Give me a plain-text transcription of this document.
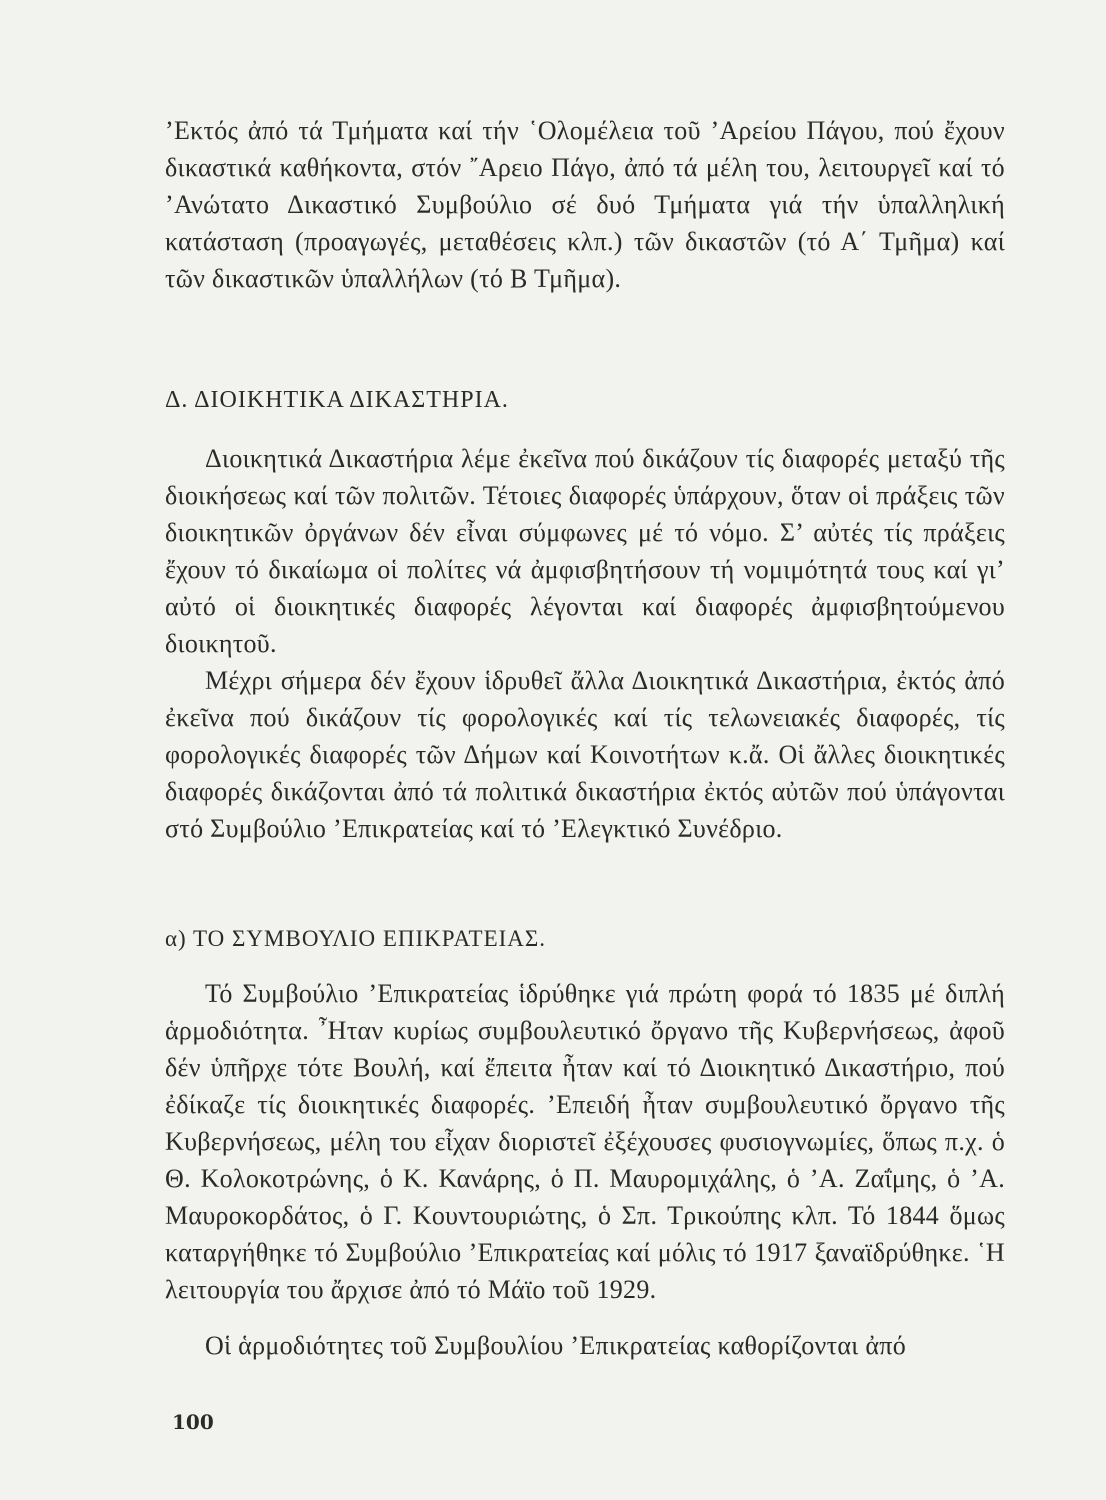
’Εκτός ἀπό τά Τμήματα καί τήν ῾Ολομέλεια τοῦ ’Αρείου Πάγου, πού ἔχουν δικαστικά καθήκοντα, στόν ῎Αρειο Πάγο, ἀπό τά μέλη του, λειτουργεῖ καί τό ’Ανώτατο Δικαστικό Συμβούλιο σέ δυό Τμήματα γιά τήν ὑπαλληλική κατάσταση (προαγωγές, μεταθέσεις κλπ.) τῶν δικαστῶν (τό Α΄ Τμῆμα) καί τῶν δικαστικῶν ὑπαλλήλων (τό Β Τμῆμα).

Δ. ΔΙΟΙΚΗΤΙΚΑ ΔΙΚΑΣΤΗΡΙΑ.

Διοικητικά Δικαστήρια λέμε ἐκεῖνα πού δικάζουν τίς διαφορές μεταξύ τῆς διοικήσεως καί τῶν πολιτῶν. Τέτοιες διαφορές ὑπάρχουν, ὅταν οἱ πράξεις τῶν διοικητικῶν ὀργάνων δέν εἶναι σύμφωνες μέ τό νόμο. Σ’ αὐτές τίς πράξεις ἔχουν τό δικαίωμα οἱ πολίτες νά ἀμφισβητήσουν τή νομιμότητά τους καί γι’ αὐτό οἱ διοικητικές διαφορές λέγονται καί διαφορές ἀμφισβητούμενου διοικητοῦ.

Μέχρι σήμερα δέν ἔχουν ἱδρυθεῖ ἄλλα Διοικητικά Δικαστήρια, ἐκτός ἀπό ἐκεῖνα πού δικάζουν τίς φορολογικές καί τίς τελωνειακές διαφορές, τίς φορολογικές διαφορές τῶν Δήμων καί Κοινοτήτων κ.ἄ. Οἱ ἄλλες διοικητικές διαφορές δικάζονται ἀπό τά πολιτικά δικαστήρια ἐκτός αὐτῶν πού ὑπάγονται στό Συμβούλιο ’Επικρατείας καί τό ’Ελεγκτικό Συνέδριο.

α) ΤΟ ΣΥΜΒΟΥΛΙΟ ΕΠΙΚΡΑΤΕΙΑΣ.

Τό Συμβούλιο ’Επικρατείας ἱδρύθηκε γιά πρώτη φορά τό 1835 μέ διπλή ἁρμοδιότητα. ῏Ηταν κυρίως συμβουλευτικό ὄργανο τῆς Κυβερνήσεως, ἀφοῦ δέν ὑπῆρχε τότε Βουλή, καί ἔπειτα ἦταν καί τό Διοικητικό Δικαστήριο, πού ἐδίκαζε τίς διοικητικές διαφορές. ’Επειδή ἦταν συμβουλευτικό ὄργανο τῆς Κυβερνήσεως, μέλη του εἶχαν διοριστεῖ ἐξέχουσες φυσιογνωμίες, ὅπως π.χ. ὁ Θ. Κολοκοτρώνης, ὁ Κ. Κανάρης, ὁ Π. Μαυρομιχάλης, ὁ ’Α. Ζαΐμης, ὁ ’Α. Μαυροκορδάτος, ὁ Γ. Κουντουριώτης, ὁ Σπ. Τρικούπης κλπ. Τό 1844 ὅμως καταργήθηκε τό Συμβούλιο ’Επικρατείας καί μόλις τό 1917 ξαναϊδρύθηκε. ῾Η λειτουργία του ἄρχισε ἀπό τό Μάϊο τοῦ 1929.

Οἱ ἁρμοδιότητες τοῦ Συμβουλίου ’Επικρατείας καθορίζονται ἀπό

100
